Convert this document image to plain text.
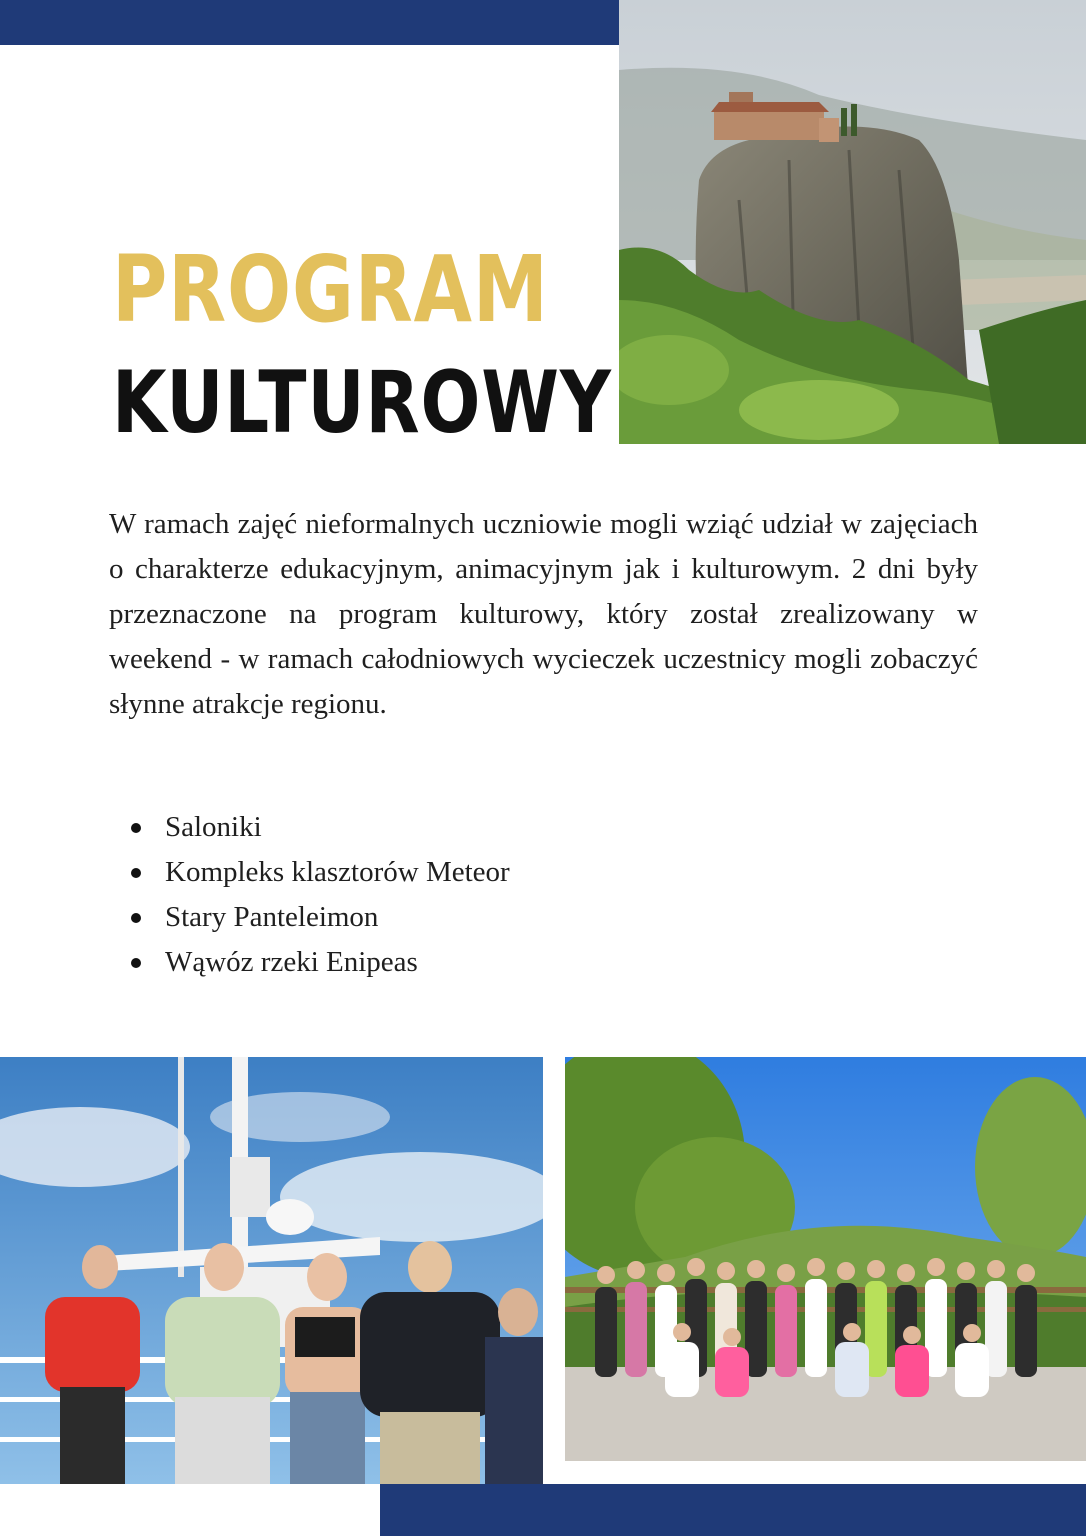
PROGRAM
KULTUROWY

W ramach zajęć nieformalnych uczniowie mogli wziąć udział w zajęciach o charakterze edukacyjnym, animacyjnym jak i kulturowym. 2 dni były przeznaczone na program kulturowy, który został zrealizowany w weekend - w ramach całodniowych wycieczek uczestnicy mogli zobaczyć słynne atrakcje regionu.

Saloniki
Kompleks klasztorów Meteor
Stary Panteleimon
Wąwóz rzeki Enipeas
